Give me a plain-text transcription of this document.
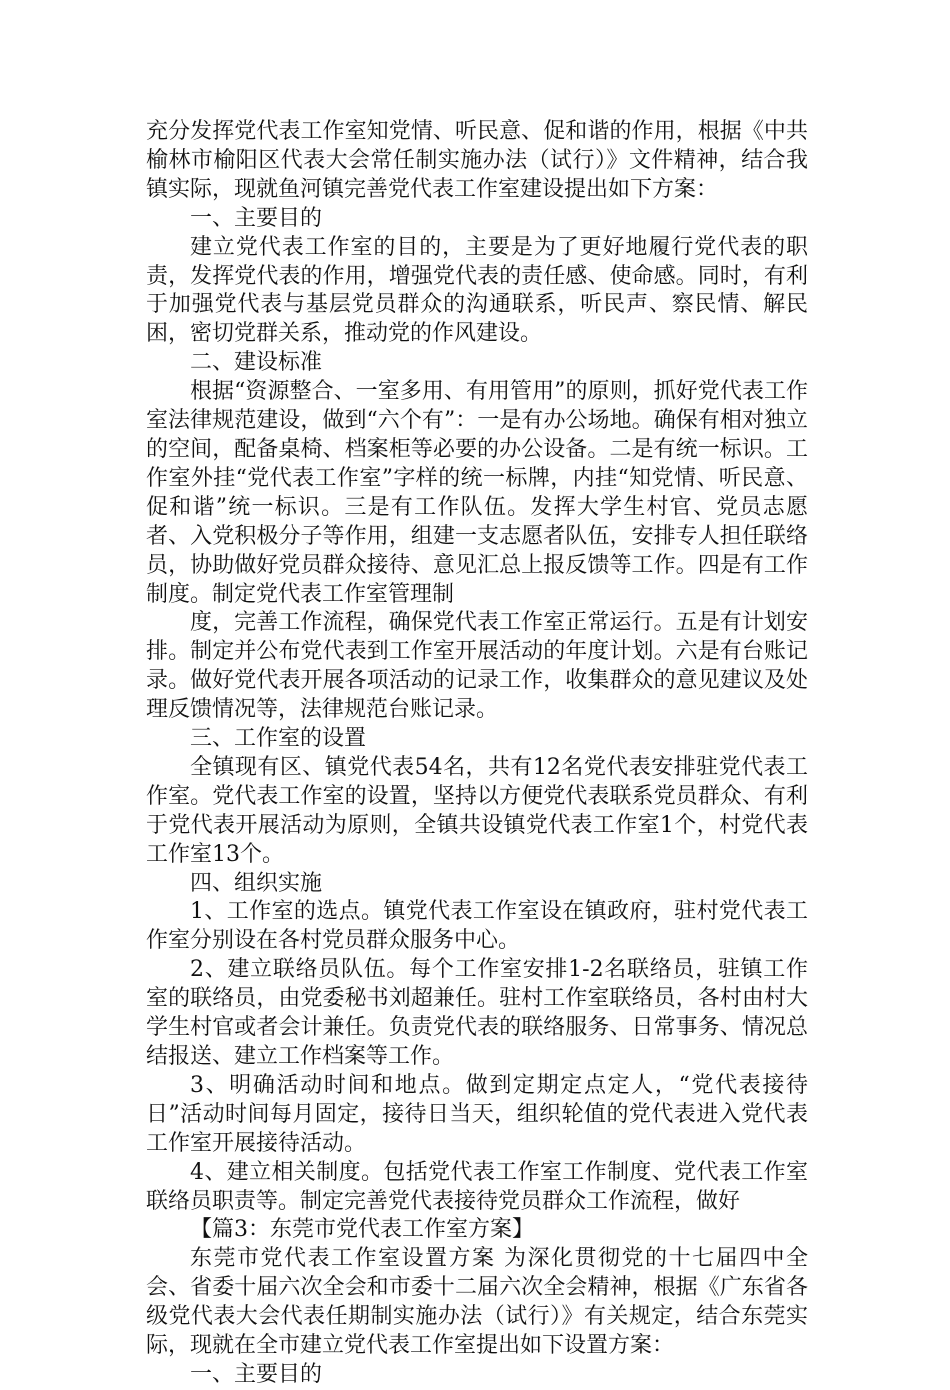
充分发挥党代表工作室知党情、听民意、促和谐的作用，根据《中共榆林市榆阳区代表大会常任制实施办法（试行）》文件精神，结合我镇实际，现就鱼河镇完善党代表工作室建设提出如下方案：

一、主要目的

建立党代表工作室的目的，主要是为了更好地履行党代表的职责，发挥党代表的作用，增强党代表的责任感、使命感。同时，有利于加强党代表与基层党员群众的沟通联系，听民声、察民情、解民困，密切党群关系，推动党的作风建设。

二、建设标准

根据“资源整合、一室多用、有用管用”的原则，抓好党代表工作室法律规范建设，做到“六个有”：一是有办公场地。确保有相对独立的空间，配备桌椅、档案柜等必要的办公设备。二是有统一标识。工作室外挂“党代表工作室”字样的统一标牌，内挂“知党情、听民意、促和谐”统一标识。三是有工作队伍。发挥大学生村官、党员志愿者、入党积极分子等作用，组建一支志愿者队伍，安排专人担任联络员，协助做好党员群众接待、意见汇总上报反馈等工作。四是有工作制度。制定党代表工作室管理制

度，完善工作流程，确保党代表工作室正常运行。五是有计划安排。制定并公布党代表到工作室开展活动的年度计划。六是有台账记录。做好党代表开展各项活动的记录工作，收集群众的意见建议及处理反馈情况等，法律规范台账记录。

三、工作室的设置

全镇现有区、镇党代表54名，共有12名党代表安排驻党代表工作室。党代表工作室的设置，坚持以方便党代表联系党员群众、有利于党代表开展活动为原则，全镇共设镇党代表工作室1个，村党代表工作室13个。

四、组织实施

1、工作室的选点。镇党代表工作室设在镇政府，驻村党代表工作室分别设在各村党员群众服务中心。

2、建立联络员队伍。每个工作室安排1-2名联络员，驻镇工作室的联络员，由党委秘书刘超兼任。驻村工作室联络员，各村由村大学生村官或者会计兼任。负责党代表的联络服务、日常事务、情况总结报送、建立工作档案等工作。

3、明确活动时间和地点。做到定期定点定人，“党代表接待日”活动时间每月固定，接待日当天，组织轮值的党代表进入党代表工作室开展接待活动。

4、建立相关制度。包括党代表工作室工作制度、党代表工作室联络员职责等。制定完善党代表接待党员群众工作流程，做好

【篇3：东莞市党代表工作室方案】

东莞市党代表工作室设置方案 为深化贯彻党的十七届四中全会、省委十届六次全会和市委十二届六次全会精神，根据《广东省各级党代表大会代表任期制实施办法（试行）》有关规定，结合东莞实际，现就在全市建立党代表工作室提出如下设置方案：

一、主要目的
